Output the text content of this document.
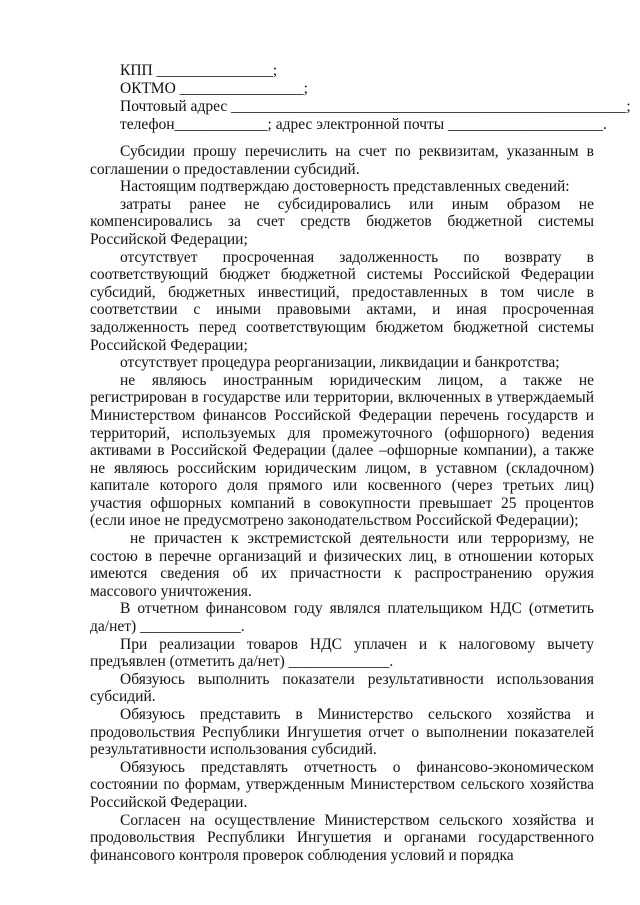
КПП _______________;
ОКТМО ________________;
Почтовый адрес ___________________________________________________;
телефон____________; адрес электронной почты ____________________.

Субсидии прошу перечислить на счет по реквизитам, указанным в соглашении о предоставлении субсидий.

Настоящим подтверждаю достоверность представленных сведений:

затраты ранее не субсидировались или иным образом не компенсировались за счет средств бюджетов бюджетной системы Российской Федерации;

отсутствует просроченная задолженность по возврату в соответствующий бюджет бюджетной системы Российской Федерации субсидий, бюджетных инвестиций, предоставленных в том числе в соответствии с иными правовыми актами, и иная просроченная задолженность перед соответствующим бюджетом бюджетной системы Российской Федерации;

отсутствует процедура реорганизации, ликвидации и банкротства;

не являюсь иностранным юридическим лицом, а также не регистрирован в государстве или территории, включенных в утверждаемый Министерством финансов Российской Федерации перечень государств и территорий, используемых для промежуточного (офшорного) ведения активами в Российской Федерации (далее –офшорные компании), а также не являюсь российским юридическим лицом, в уставном (складочном) капитале которого доля прямого или косвенного (через третьих лиц) участия офшорных компаний в совокупности превышает 25 процентов (если иное не предусмотрено законодательством Российской Федерации);

не причастен к экстремистской деятельности или терроризму, не состою в перечне организаций и физических лиц, в отношении которых имеются сведения об их причастности к распространению оружия массового уничтожения.

В отчетном финансовом году являлся плательщиком НДС (отметить да/нет) _____________.

При реализации товаров НДС уплачен и к налоговому вычету предъявлен (отметить да/нет) _____________.

Обязуюсь выполнить показатели результативности использования субсидий.

Обязуюсь представить в Министерство сельского хозяйства и продовольствия Республики Ингушетия отчет о выполнении показателей результативности использования субсидий.

Обязуюсь представлять отчетность о финансово-экономическом состоянии по формам, утвержденным Министерством сельского хозяйства Российской Федерации.

Согласен на осуществление Министерством сельского хозяйства и продовольствия Республики Ингушетия и органами государственного финансового контроля проверок соблюдения условий и порядка
